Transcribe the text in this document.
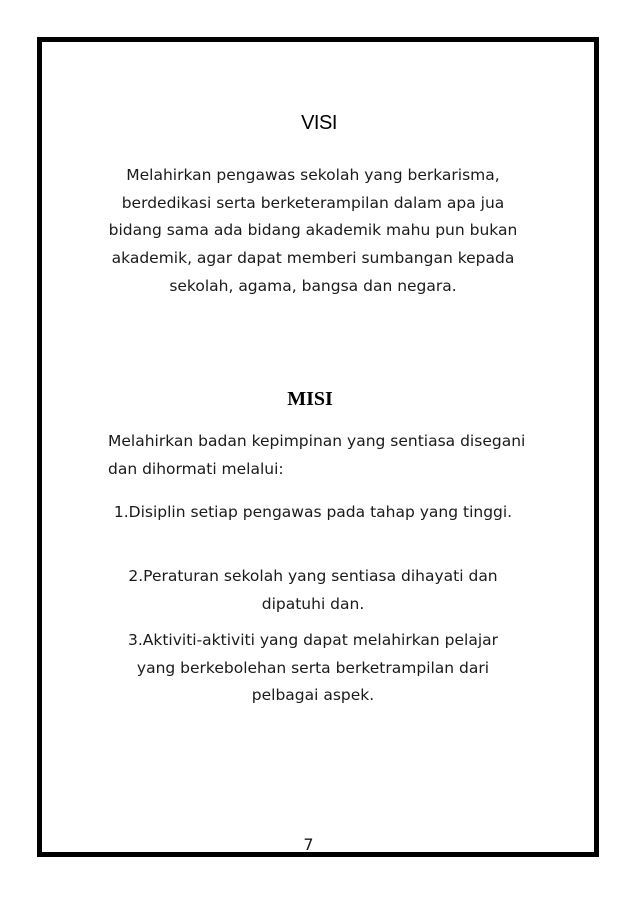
VISI

Melahirkan pengawas sekolah yang berkarisma, berdedikasi serta berketerampilan dalam apa jua bidang sama ada bidang akademik mahu pun bukan akademik, agar dapat memberi sumbangan kepada sekolah, agama, bangsa dan negara.

MISI

Melahirkan badan kepimpinan yang sentiasa disegani dan dihormati melalui:

1.Disiplin setiap pengawas pada tahap yang tinggi.

2.Peraturan sekolah yang sentiasa dihayati dan dipatuhi dan.

3.Aktiviti-aktiviti yang dapat melahirkan pelajar yang berkebolehan serta berketrampilan dari pelbagai aspek.

7
